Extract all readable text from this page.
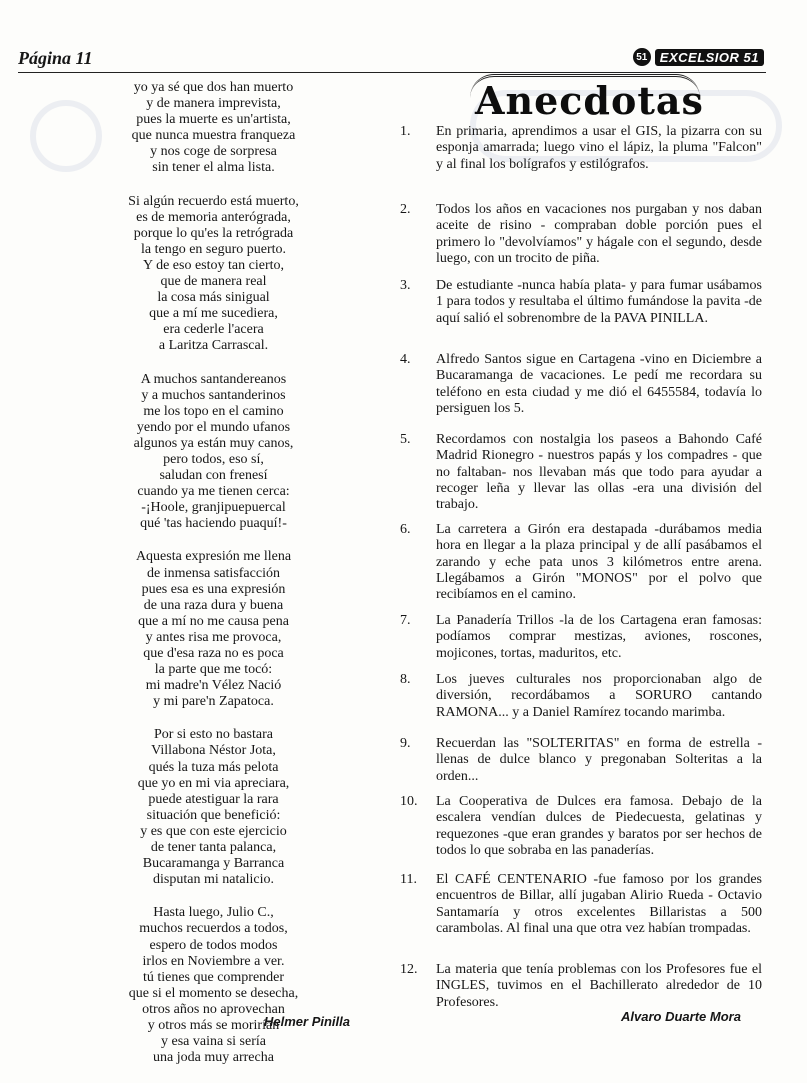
Página 11	51 EXCELSIOR 51
yo ya sé que dos han muerto
y de manera imprevista,
pues la muerte es un'artista,
que nunca muestra franqueza
y nos coge de sorpresa
sin tener el alma lista.
Si algún recuerdo está muerto,
es de memoria anterógrada,
porque lo qu'es la retrógrada
la tengo en seguro puerto.
Y de eso estoy tan cierto,
que de manera real
la cosa más sinigual
que a mí me sucediera,
era cederle l'acera
a Laritza Carrascal.
A muchos santandereanos
y a muchos santanderinos
me los topo en el camino
yendo por el mundo ufanos
algunos ya están muy canos,
pero todos, eso sí,
saludan con frenesí
cuando ya me tienen cerca:
-¡Hoole, granjipuepuercal
qué 'tas haciendo puaquí!-
Aquesta expresión me llena
de inmensa satisfacción
pues esa es una expresión
de una raza dura y buena
que a mí no me causa pena
y antes risa me provoca,
que d'esa raza no es poca
la parte que me tocó:
mi madre'n Vélez Nació
y mi pare'n Zapatoca.
Por si esto no bastara
Villabona Néstor Jota,
qués la tuza más pelota
que yo en mi via apreciara,
puede atestiguar la rara
situación que benefició:
y es que con este ejercicio
de tener tanta palanca,
Bucaramanga y Barranca
disputan mi natalicio.
Hasta luego, Julio C.,
muchos recuerdos a todos,
espero de todos modos
irlos en Noviembre a ver.
tú tienes que comprender
que si el momento se desecha,
otros años no aprovechan
y otros más se morirían
y esa vaina si sería
una joda muy arrecha
Helmer Pinilla
Anecdotas
1.	En primaria, aprendimos a usar el GIS, la pizarra con su esponja amarrada; luego vino el lápiz, la pluma "Falcon" y al final los bolígrafos y estilógrafos.
2.	Todos los años en vacaciones nos purgaban y nos daban aceite de risino - compraban doble porción pues el primero lo "devolvíamos" y hágale con el segundo, desde luego, con un trocito de piña.
3.	De estudiante -nunca había plata- y para fumar usábamos 1 para todos y resultaba el último fumándose la pavita -de aquí salió el sobrenombre de la PAVA PINILLA.
4.	Alfredo Santos sigue en Cartagena -vino en Diciembre a Bucaramanga de vacaciones. Le pedí me recordara su teléfono en esta ciudad y me dió el 6455584, todavía lo persiguen los 5.
5.	Recordamos con nostalgia los paseos a Bahondo Café Madrid Rionegro - nuestros papás y los compadres - que no faltaban- nos llevaban más que todo para ayudar a recoger leña y llevar las ollas -era una división del trabajo.
6.	La carretera a Girón era destapada -durábamos media hora en llegar a la plaza principal y de allí pasábamos el zarando y eche pata unos 3 kilómetros entre arena. Llegábamos a Girón "MONOS" por el polvo que recibíamos en el camino.
7.	La Panadería Trillos -la de los Cartagena eran famosas: podíamos comprar mestizas, aviones, roscones, mojicones, tortas, maduritos, etc.
8.	Los jueves culturales nos proporcionaban algo de diversión, recordábamos a SORURO cantando RAMONA... y a Daniel Ramírez tocando marimba.
9.	Recuerdan las "SOLTERITAS" en forma de estrella - llenas de dulce blanco y pregonaban Solteritas a la orden...
10.	La Cooperativa de Dulces era famosa. Debajo de la escalera vendían dulces de Piedecuesta, gelatinas y requezones -que eran grandes y baratos por ser hechos de todos lo que sobraba en las panaderías.
11.	El CAFÉ CENTENARIO -fue famoso por los grandes encuentros de Billar, allí jugaban Alirio Rueda - Octavio Santamaría y otros excelentes Billaristas a 500 carambolas. Al final una que otra vez habían trompadas.
12.	La materia que tenía problemas con los Profesores fue el INGLES, tuvimos en el Bachillerato alrededor de 10 Profesores.
Alvaro Duarte Mora
